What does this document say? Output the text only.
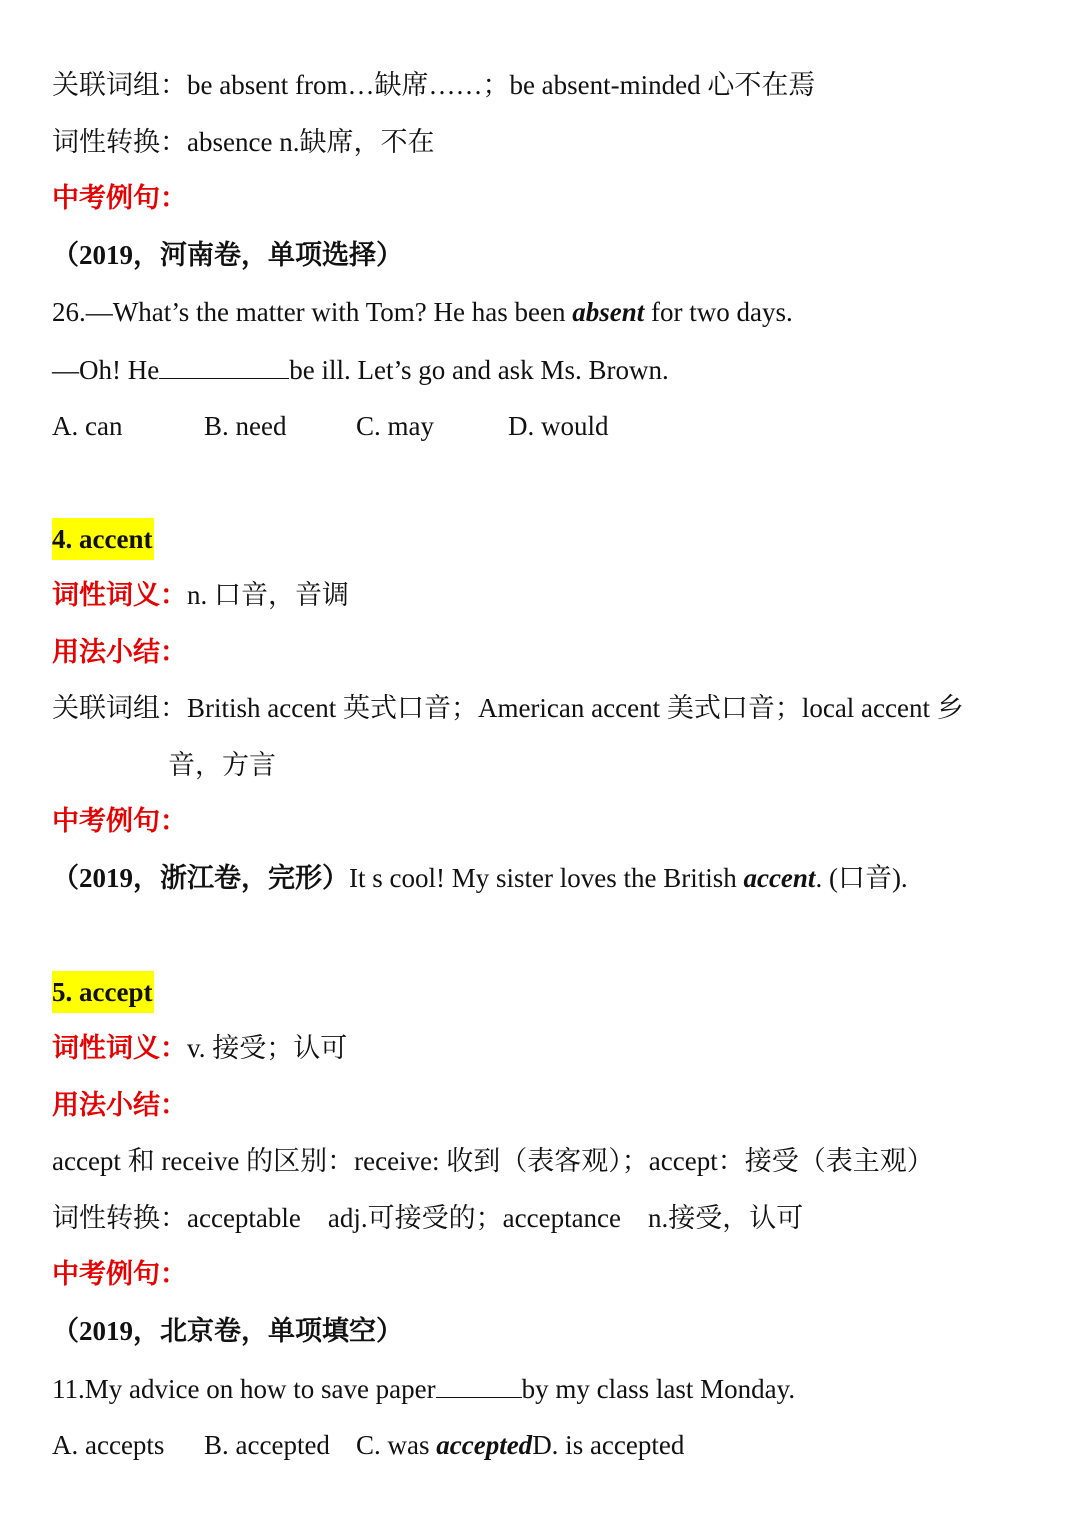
关联词组：be absent from…缺席……；be absent-minded 心不在焉
词性转换：absence n.缺席，不在
中考例句：
（2019，河南卷，单项选择）
26.—What’s the matter with Tom? He has been absent for two days.
—Oh! He	be ill. Let’s go and ask Ms. Brown.
A. can	B. need	C. may	D. would
4. accent
词性词义：n. 口音，音调
用法小结：
关联词组：British accent 英式口音；American accent 美式口音；local accent 乡
音，方言
中考例句：
（2019，浙江卷，完形）It s cool! My sister loves the British accent. (口音).
5. accept
词性词义：v. 接受；认可
用法小结：
accept 和 receive 的区别：receive: 收到（表客观）；accept：接受（表主观）
词性转换：acceptable　adj.可接受的；acceptance　n.接受，认可
中考例句：
（2019，北京卷，单项填空）
11.My advice on how to save paper	by my class last Monday.
A. accepts B. accepted C. was acceptedD. is accepted
